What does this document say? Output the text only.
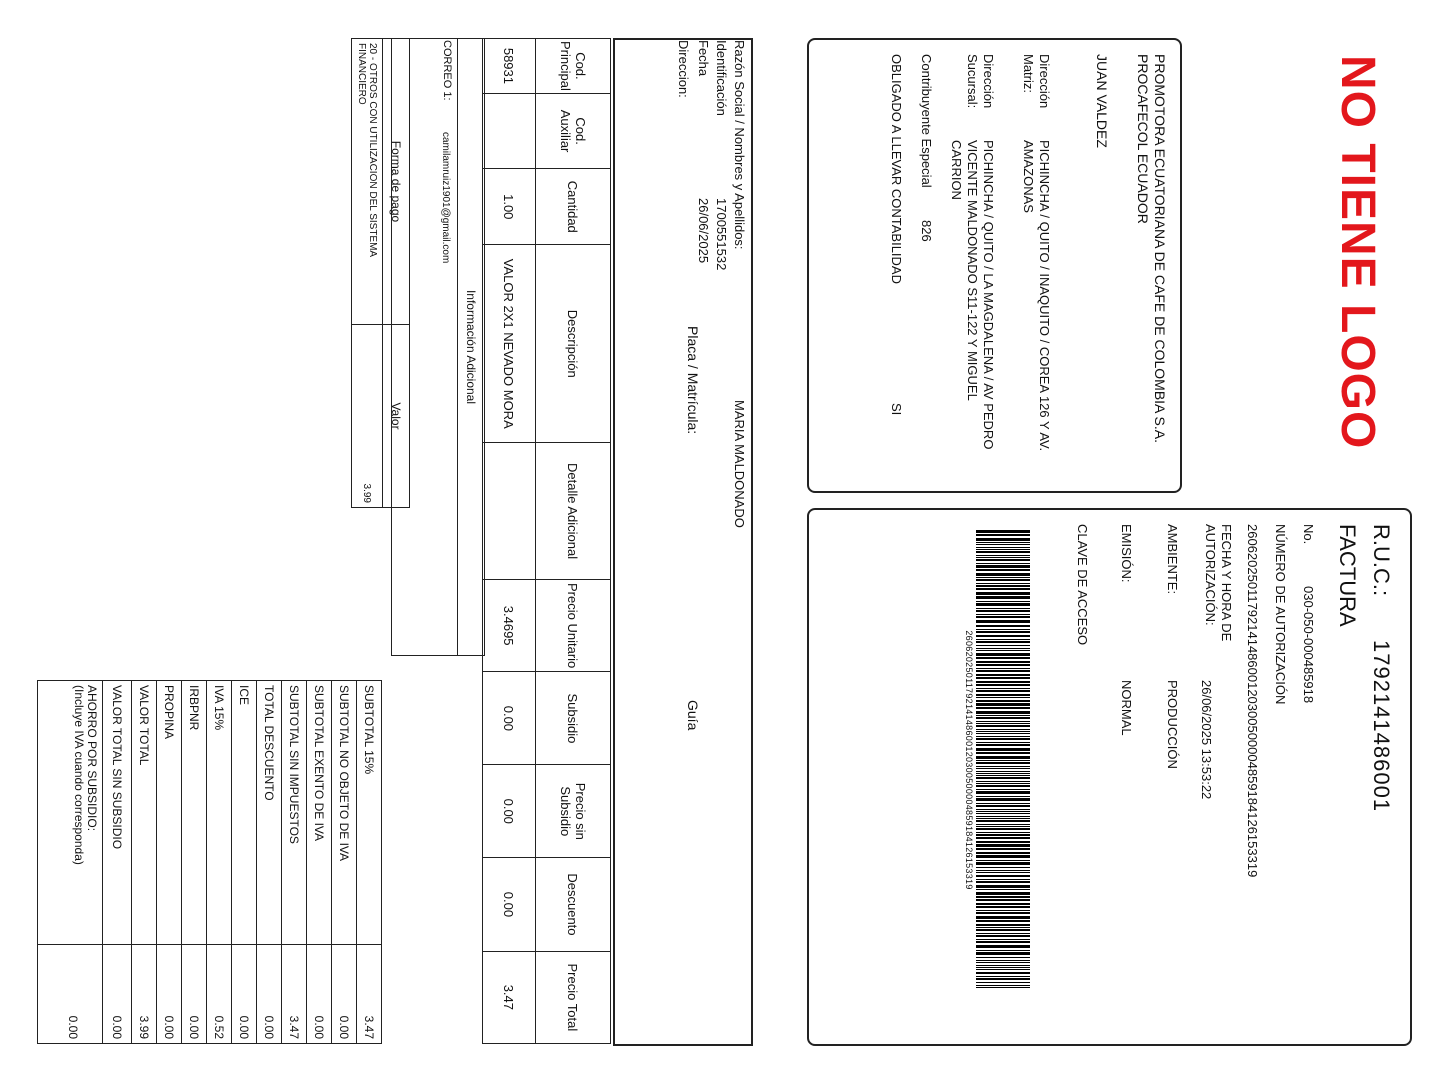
NO TIENE LOGO
PROMOTORA ECUATORIANA DE CAFE DE COLOMBIA S.A. PROCAFECOL ECUADOR
JUAN VALDEZ
Dirección Matriz:
PICHINCHA / QUITO / INAQUITO / COREA 126 Y AV. AMAZONAS
Dirección Sucursal:
PICHINCHA / QUITO / LA MAGDALENA / AV PEDRO VICENTE MALDONADO S11-122 Y MIGUEL CARRION
Contribuyente Especial
826
OBLIGADO A LLEVAR CONTABILIDAD
SI
R.U.C.:
1792141486001
FACTURA
No.
030-050-000485918
NÚMERO DE AUTORIZACIÓN
2606202501179214148600120300500004859184126153319
FECHA Y HORA DE AUTORIZACIÓN:
26/06/2025 13:53:22
AMBIENTE:
PRODUCCIÓN
EMISIÓN:
NORMAL
CLAVE DE ACCESO
2606202501179214148600120300500004859184126153319
Razón Social / Nombres y Apellidos:
MARIA MALDONADO
Identificación
1700551532
Fecha
26/06/2025
Placa / Matrícula:
Guía
Direccion:
Cod. Principal	Cod. Auxiliar	Cantidad	Descripción	Detalle Adicional	Precio Unitario	Subsidio	Precio sin Subsidio	Descuento	Precio Total
58931		1.00	VALOR 2X1 NEVADO MORA		3.4695	0.00	0.00	0.00	3.47
Información Adicional
CORREO 1:	camilamruiz1901@gmail.com
Forma de pago	Valor
20 - OTROS CON UTILIZACION DEL SISTEMA FINANCIERO	3.99
SUBTOTAL 15%	3.47
SUBTOTAL NO OBJETO DE IVA	0.00
SUBTOTAL EXENTO DE IVA	0.00
SUBTOTAL SIN IMPUESTOS	3.47
TOTAL DESCUENTO	0.00
ICE	0.00
IVA 15%	0.52
IRBPNR	0.00
PROPINA	0.00
VALOR TOTAL	3.99
VALOR TOTAL SIN SUBSIDIO	0.00

AHORRO POR SUBSIDIO:
(Incluye IVA cuando corresponda)	0.00
